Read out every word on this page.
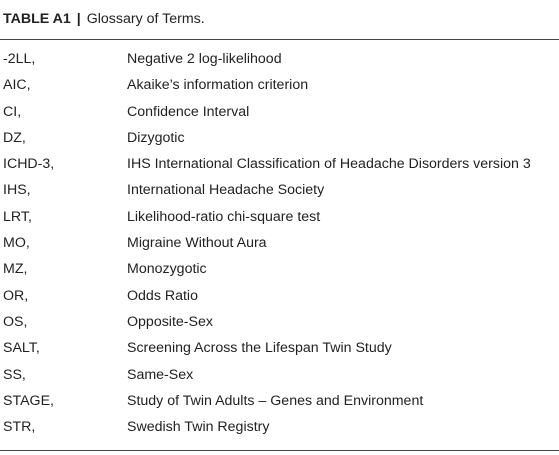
TABLE A1 | Glossary of Terms.
-2LL,	Negative 2 log-likelihood
AIC,	Akaike’s information criterion
CI,	Confidence Interval
DZ,	Dizygotic
ICHD-3,	IHS International Classification of Headache Disorders version 3
IHS,	International Headache Society
LRT,	Likelihood-ratio chi-square test
MO,	Migraine Without Aura
MZ,	Monozygotic
OR,	Odds Ratio
OS,	Opposite-Sex
SALT,	Screening Across the Lifespan Twin Study
SS,	Same-Sex
STAGE,	Study of Twin Adults – Genes and Environment
STR,	Swedish Twin Registry
